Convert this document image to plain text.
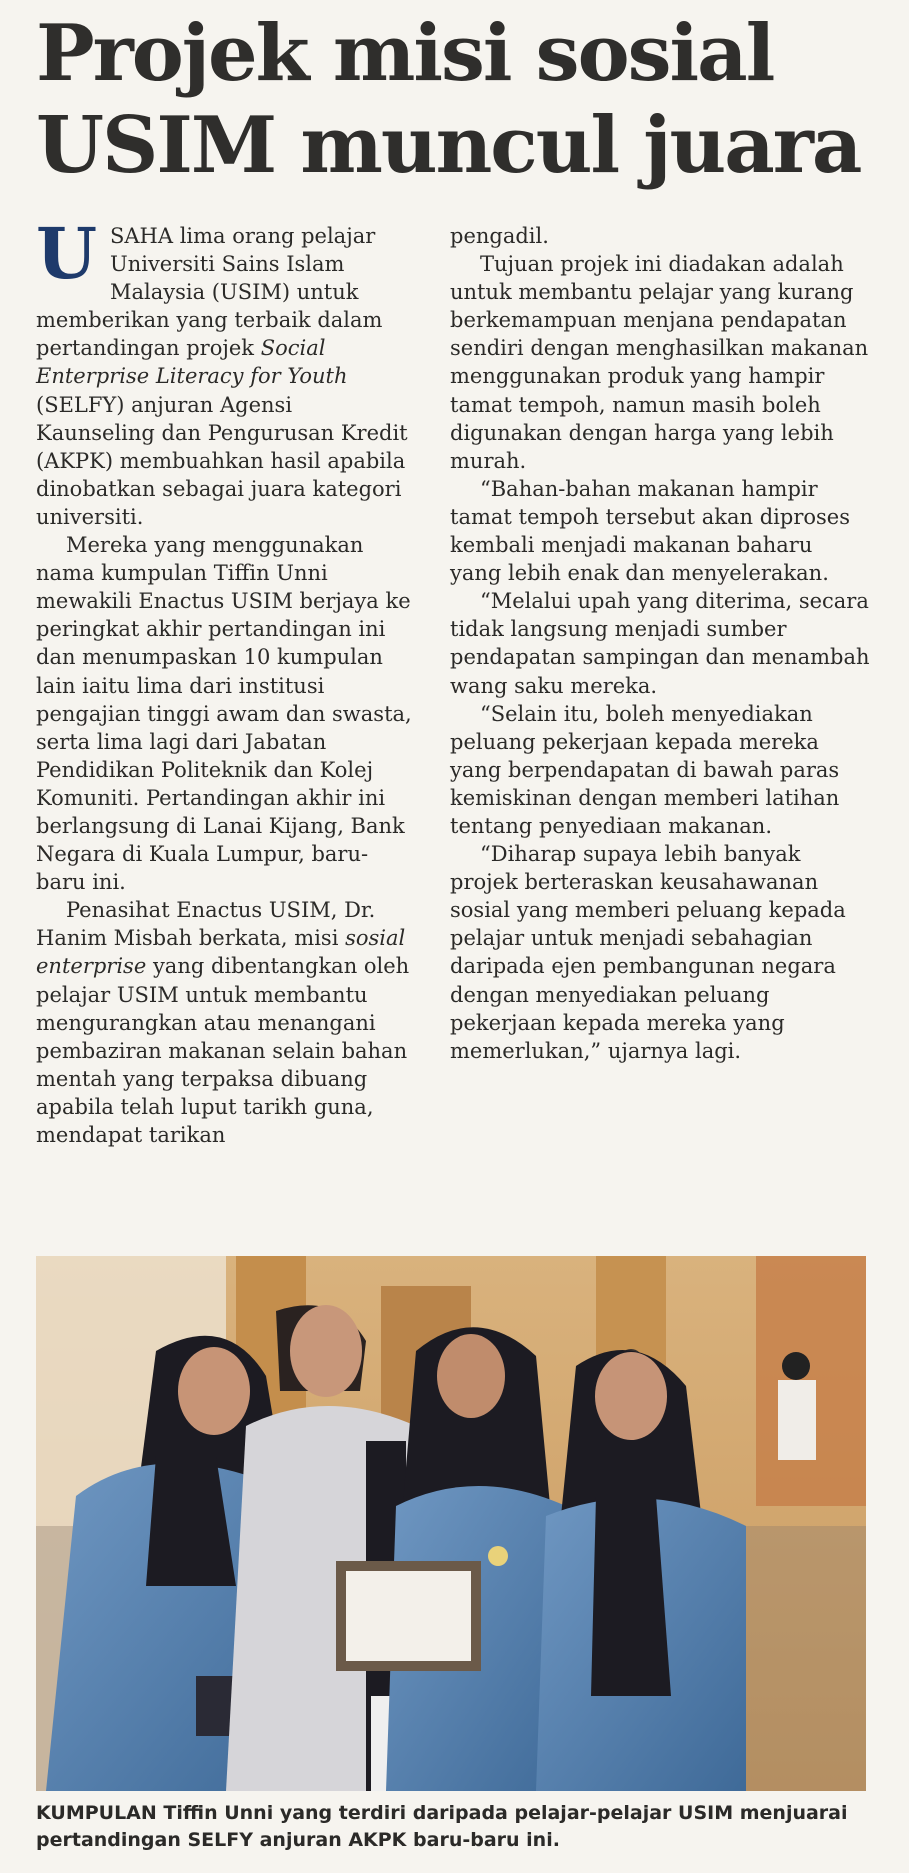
Projek misi sosial
USIM muncul juara

USAHA lima orang pelajar Universiti Sains Islam Malaysia (USIM) untuk memberikan yang terbaik dalam pertandingan projek Social Enterprise Literacy for Youth (SELFY) anjuran Agensi Kaunseling dan Pengurusan Kredit (AKPK) membuahkan hasil apabila dinobatkan sebagai juara kategori universiti.

Mereka yang menggunakan nama kumpulan Tiffin Unni mewakili Enactus USIM berjaya ke peringkat akhir pertandingan ini dan menumpaskan 10 kumpulan lain iaitu lima dari institusi pengajian tinggi awam dan swasta, serta lima lagi dari Jabatan Pendidikan Politeknik dan Kolej Komuniti. Pertandingan akhir ini berlangsung di Lanai Kijang, Bank Negara di Kuala Lumpur, baru-baru ini.

Penasihat Enactus USIM, Dr. Hanim Misbah berkata, misi sosial enterprise yang dibentangkan oleh pelajar USIM untuk membantu mengurangkan atau menangani pembaziran makanan selain bahan mentah yang terpaksa dibuang apabila telah luput tarikh guna, mendapat tarikan

pengadil.

Tujuan projek ini diadakan adalah untuk membantu pelajar yang kurang berkemampuan menjana pendapatan sendiri dengan menghasilkan makanan menggunakan produk yang hampir tamat tempoh, namun masih boleh digunakan dengan harga yang lebih murah.

“Bahan-bahan makanan hampir tamat tempoh tersebut akan diproses kembali menjadi makanan baharu yang lebih enak dan menyelerakan.

“Melalui upah yang diterima, secara tidak langsung menjadi sumber pendapatan sampingan dan menambah wang saku mereka.

“Selain itu, boleh menyediakan peluang pekerjaan kepada mereka yang berpendapatan di bawah paras kemiskinan dengan memberi latihan tentang penyediaan makanan.

“Diharap supaya lebih banyak projek berteraskan keusahawanan sosial yang memberi peluang kepada pelajar untuk menjadi sebahagian daripada ejen pembangunan negara dengan menyediakan peluang pekerjaan kepada mereka yang memerlukan,” ujarnya lagi.

KUMPULAN Tiffin Unni yang terdiri daripada pelajar-pelajar USIM menjuarai pertandingan SELFY anjuran AKPK baru-baru ini.
